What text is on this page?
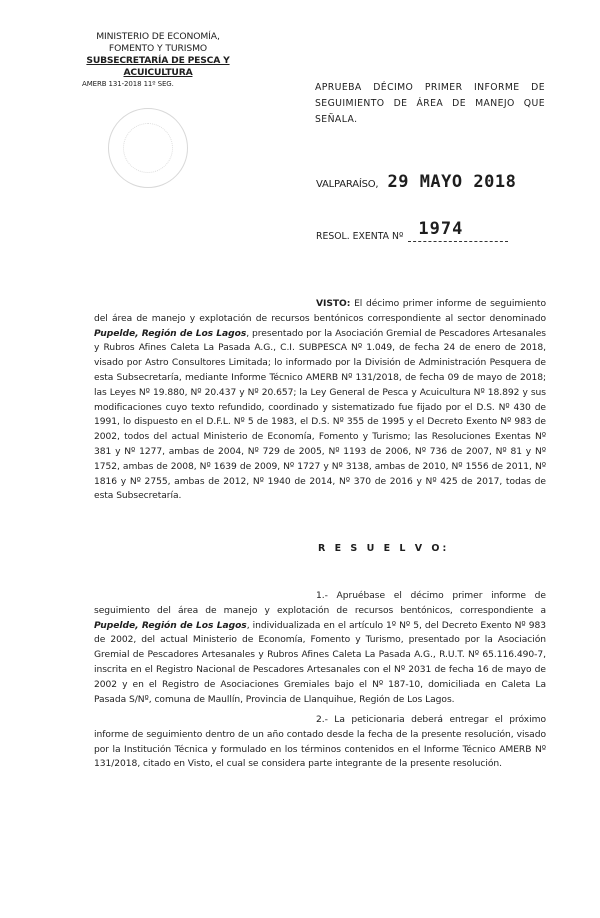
MINISTERIO DE ECONOMÍA,
FOMENTO Y TURISMO
SUBSECRETARÍA DE PESCA Y ACUICULTURA
AMERB 131-2018 11º SEG.	APRUEBA DÉCIMO PRIMER INFORME DE SEGUIMIENTO DE ÁREA DE MANEJO QUE SEÑALA.
VALPARAÍSO, 29 MAYO 2018
RESOL. EXENTA Nº 1974
VISTO: El décimo primer informe de seguimiento del área de manejo y explotación de recursos bentónicos correspondiente al sector denominado Pupelde, Región de Los Lagos, presentado por la Asociación Gremial de Pescadores Artesanales y Rubros Afines Caleta La Pasada A.G., C.I. SUBPESCA Nº 1.049, de fecha 24 de enero de 2018, visado por Astro Consultores Limitada; lo informado por la División de Administración Pesquera de esta Subsecretaría, mediante Informe Técnico AMERB Nº 131/2018, de fecha 09 de mayo de 2018; las Leyes Nº 19.880, Nº 20.437 y Nº 20.657; la Ley General de Pesca y Acuicultura Nº 18.892 y sus modificaciones cuyo texto refundido, coordinado y sistematizado fue fijado por el D.S. Nº 430 de 1991, lo dispuesto en el D.F.L. Nº 5 de 1983, el D.S. Nº 355 de 1995 y el Decreto Exento Nº 983 de 2002, todos del actual Ministerio de Economía, Fomento y Turismo; las Resoluciones Exentas Nº 381 y Nº 1277, ambas de 2004, Nº 729 de 2005, Nº 1193 de 2006, Nº 736 de 2007, Nº 81 y Nº 1752, ambas de 2008, Nº 1639 de 2009, Nº 1727 y Nº 3138, ambas de 2010, Nº 1556 de 2011, Nº 1816 y Nº 2755, ambas de 2012, Nº 1940 de 2014, Nº 370 de 2016 y Nº 425 de 2017, todas de esta Subsecretaría.
R E S U E L V O:
1.- Apruébase el décimo primer informe de seguimiento del área de manejo y explotación de recursos bentónicos, correspondiente a Pupelde, Región de Los Lagos, individualizada en el artículo 1º Nº 5, del Decreto Exento Nº 983 de 2002, del actual Ministerio de Economía, Fomento y Turismo, presentado por la Asociación Gremial de Pescadores Artesanales y Rubros Afines Caleta La Pasada A.G., R.U.T. Nº 65.116.490-7, inscrita en el Registro Nacional de Pescadores Artesanales con el Nº 2031 de fecha 16 de mayo de 2002 y en el Registro de Asociaciones Gremiales bajo el Nº 187-10, domiciliada en Caleta La Pasada S/Nº, comuna de Maullín, Provincia de Llanquihue, Región de Los Lagos.
2.- La peticionaria deberá entregar el próximo informe de seguimiento dentro de un año contado desde la fecha de la presente resolución, visado por la Institución Técnica y formulado en los términos contenidos en el Informe Técnico AMERB Nº 131/2018, citado en Visto, el cual se considera parte integrante de la presente resolución.
